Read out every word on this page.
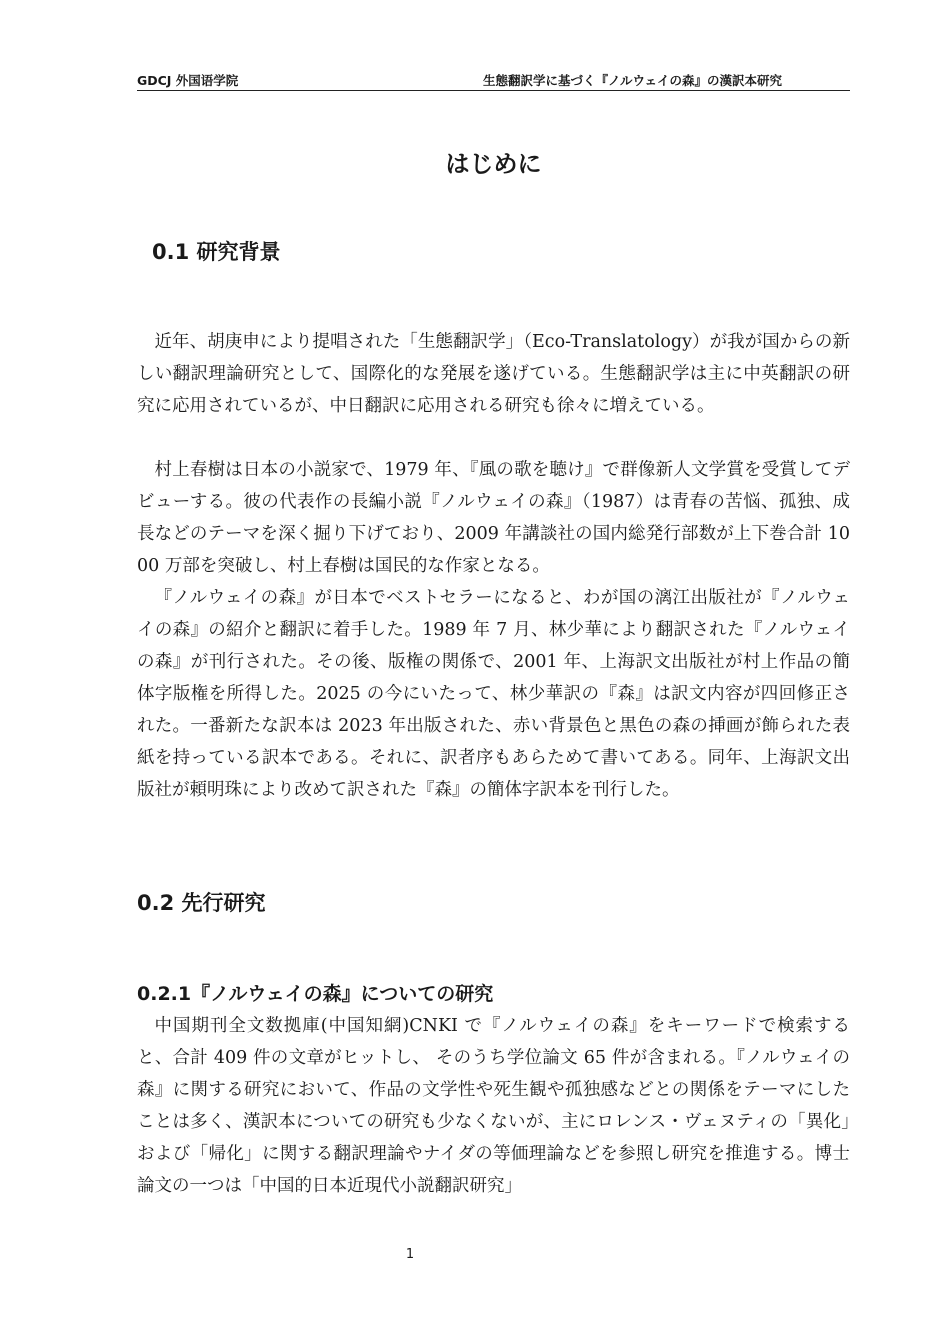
GDCJ 外国语学院	生態翻訳学に基づく『ノルウェイの森』の漢訳本研究
はじめに
0.1 研究背景

近年、胡庚申により提唱された「生態翻訳学」（Eco-Translatology）が我が国からの新しい翻訳理論研究として、国際化的な発展を遂げている。生態翻訳学は主に中英翻訳の研究に応用されているが、中日翻訳に応用される研究も徐々に増えている。

村上春樹は日本の小説家で、1979 年、『風の歌を聴け』で群像新人文学賞を受賞してデビューする。彼の代表作の長編小説『ノルウェイの森』（1987）は青春の苦悩、孤独、成長などのテーマを深く掘り下げており、2009 年講談社の国内総発行部数が上下巻合計 1000 万部を突破し、村上春樹は国民的な作家となる。

『ノルウェイの森』が日本でベストセラーになると、わが国の漓江出版社が『ノルウェイの森』の紹介と翻訳に着手した。1989 年 7 月、林少華により翻訳された『ノルウェイの森』が刊行された。その後、版権の関係で、2001 年、上海訳文出版社が村上作品の簡体字版権を所得した。2025 の今にいたって、林少華訳の『森』は訳文内容が四回修正された。一番新たな訳本は 2023 年出版された、赤い背景色と黒色の森の挿画が飾られた表紙を持っている訳本である。それに、訳者序もあらためて書いてある。同年、上海訳文出版社が頼明珠により改めて訳された『森』の簡体字訳本を刊行した。

0.2 先行研究
0.2.1『ノルウェイの森』についての研究

中国期刊全文数拠庫(中国知網)CNKI で『ノルウェイの森』をキーワードで検索すると、合計 409 件の文章がヒットし、 そのうち学位論文 65 件が含まれる。『ノルウェイの森』に関する研究において、作品の文学性や死生観や孤独感などとの関係をテーマにしたことは多く、漢訳本についての研究も少なくないが、主にロレンス・ヴェヌティの「異化」および「帰化」に関する翻訳理論やナイダの等価理論などを参照し研究を推進する。博士論文の一つは「中国的日本近現代小説翻訳研究」

1
